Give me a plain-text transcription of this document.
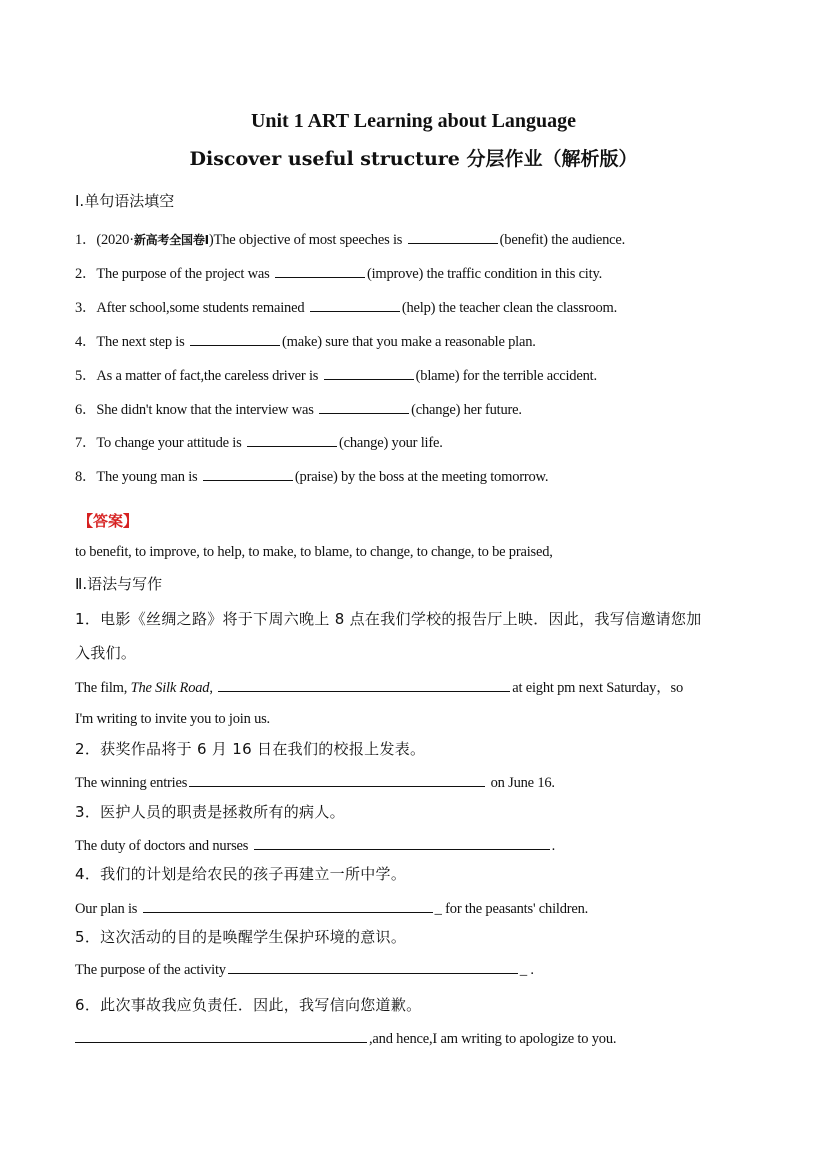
Unit 1 ART Learning about Language
Discover useful structure 分层作业（解析版）
Ⅰ.单句语法填空
1．(2020·新高考全国卷Ⅰ)The objective of most speeches is	(benefit) the audience.
2．The purpose of the project was	(improve) the traffic condition in this city.
3．After school,some students remained	(help) the teacher clean the classroom.
4．The next step is	(make) sure that you make a reasonable plan.
5．As a matter of fact,the careless driver is	(blame) for the terrible accident.
6．She didn't know that the interview was	(change) her future.
7．To change your attitude is	(change) your life.
8．The young man is	(praise) by the boss at the meeting tomorrow.
【答案】
to benefit, to improve, to help, to make, to blame, to change, to change, to be praised,
Ⅱ.语法与写作
1．电影《丝绸之路》将于下周六晚上 8 点在我们学校的报告厅上映．因此，我写信邀请您加
入我们。
The film, The Silk Road,	at eight pm next Saturday，so
I'm writing to invite you to join us.
2．获奖作品将于 6 月 16 日在我们的校报上发表。
The winning entries	on June 16.
3．医护人员的职责是拯救所有的病人。
The duty of doctors and nurses	.
4．我们的计划是给农民的孩子再建立一所中学。
Our plan is	_ for the peasants' children.
5．这次活动的目的是唤醒学生保护环境的意识。
The purpose of the activity	_ .
6．此次事故我应负责任．因此，我写信向您道歉。
,and hence,I am writing to apologize to you.
